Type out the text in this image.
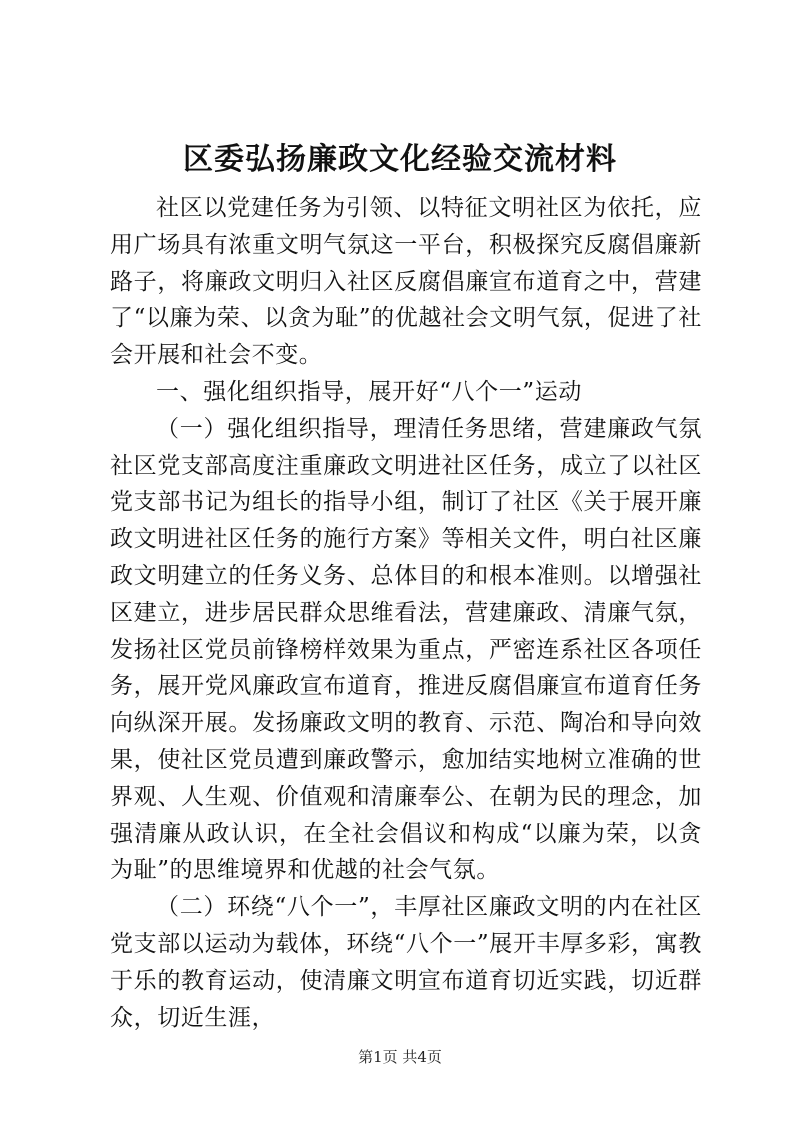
区委弘扬廉政文化经验交流材料

社区以党建任务为引领、以特征文明社区为依托，应用广场具有浓重文明气氛这一平台，积极探究反腐倡廉新路子，将廉政文明归入社区反腐倡廉宣布道育之中，营建了“以廉为荣、以贪为耻”的优越社会文明气氛，促进了社会开展和社会不变。

一、强化组织指导，展开好“八个一”运动

（一）强化组织指导，理清任务思绪，营建廉政气氛社区党支部高度注重廉政文明进社区任务，成立了以社区党支部书记为组长的指导小组，制订了社区《关于展开廉政文明进社区任务的施行方案》等相关文件，明白社区廉政文明建立的任务义务、总体目的和根本准则。以增强社区建立，进步居民群众思维看法，营建廉政、清廉气氛，发扬社区党员前锋榜样效果为重点，严密连系社区各项任务，展开党风廉政宣布道育，推进反腐倡廉宣布道育任务向纵深开展。发扬廉政文明的教育、示范、陶冶和导向效果，使社区党员遭到廉政警示，愈加结实地树立准确的世界观、人生观、价值观和清廉奉公、在朝为民的理念，加强清廉从政认识，在全社会倡议和构成“以廉为荣，以贪为耻”的思维境界和优越的社会气氛。

（二）环绕“八个一”，丰厚社区廉政文明的内在社区党支部以运动为载体，环绕“八个一”展开丰厚多彩，寓教于乐的教育运动，使清廉文明宣布道育切近实践，切近群众，切近生涯，

第1页 共4页
